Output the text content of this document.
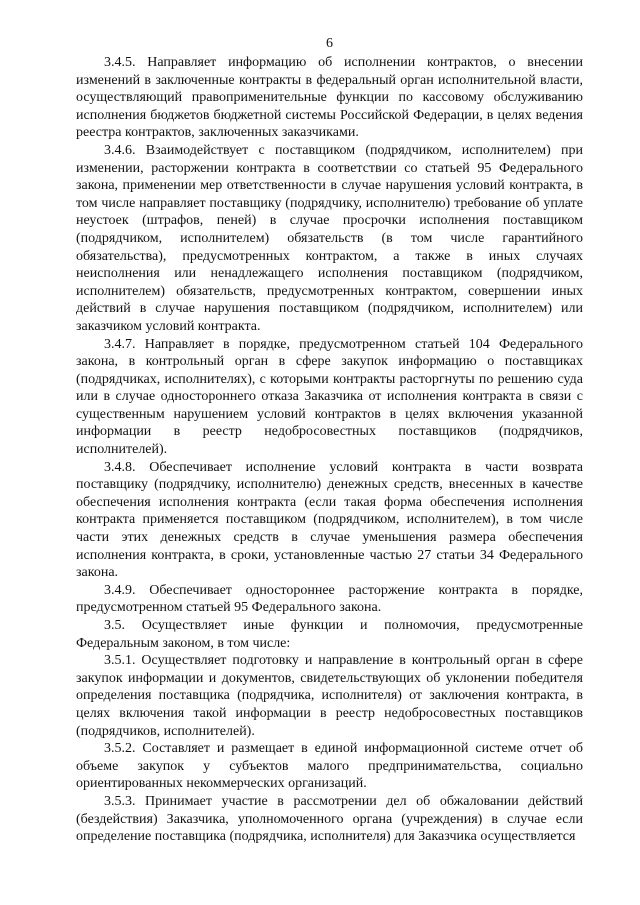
6

3.4.5. Направляет информацию об исполнении контрактов, о внесении изменений в заключенные контракты в федеральный орган исполнительной власти, осуществляющий правоприменительные функции по кассовому обслуживанию исполнения бюджетов бюджетной системы Российской Федерации, в целях ведения реестра контрактов, заключенных заказчиками.

3.4.6. Взаимодействует с поставщиком (подрядчиком, исполнителем) при изменении, расторжении контракта в соответствии со статьей 95 Федерального закона, применении мер ответственности в случае нарушения условий контракта, в том числе направляет поставщику (подрядчику, исполнителю) требование об уплате неустоек (штрафов, пеней) в случае просрочки исполнения поставщиком (подрядчиком, исполнителем) обязательств (в том числе гарантийного обязательства), предусмотренных контрактом, а также в иных случаях неисполнения или ненадлежащего исполнения поставщиком (подрядчиком, исполнителем) обязательств, предусмотренных контрактом, совершении иных действий в случае нарушения поставщиком (подрядчиком, исполнителем) или заказчиком условий контракта.

3.4.7. Направляет в порядке, предусмотренном статьей 104 Федерального закона, в контрольный орган в сфере закупок информацию о поставщиках (подрядчиках, исполнителях), с которыми контракты расторгнуты по решению суда или в случае одностороннего отказа Заказчика от исполнения контракта в связи с существенным нарушением условий контрактов в целях включения указанной информации в реестр недобросовестных поставщиков (подрядчиков, исполнителей).

3.4.8. Обеспечивает исполнение условий контракта в части возврата поставщику (подрядчику, исполнителю) денежных средств, внесенных в качестве обеспечения исполнения контракта (если такая форма обеспечения исполнения контракта применяется поставщиком (подрядчиком, исполнителем), в том числе части этих денежных средств в случае уменьшения размера обеспечения исполнения контракта, в сроки, установленные частью 27 статьи 34 Федерального закона.

3.4.9. Обеспечивает одностороннее расторжение контракта в порядке, предусмотренном статьей 95 Федерального закона.

3.5. Осуществляет иные функции и полномочия, предусмотренные Федеральным законом, в том числе:

3.5.1. Осуществляет подготовку и направление в контрольный орган в сфере закупок информации и документов, свидетельствующих об уклонении победителя определения поставщика (подрядчика, исполнителя) от заключения контракта, в целях включения такой информации в реестр недобросовестных поставщиков (подрядчиков, исполнителей).

3.5.2. Составляет и размещает в единой информационной системе отчет об объеме закупок у субъектов малого предпринимательства, социально ориентированных некоммерческих организаций.

3.5.3. Принимает участие в рассмотрении дел об обжаловании действий (бездействия) Заказчика, уполномоченного органа (учреждения) в случае если определение поставщика (подрядчика, исполнителя) для Заказчика осуществляется
